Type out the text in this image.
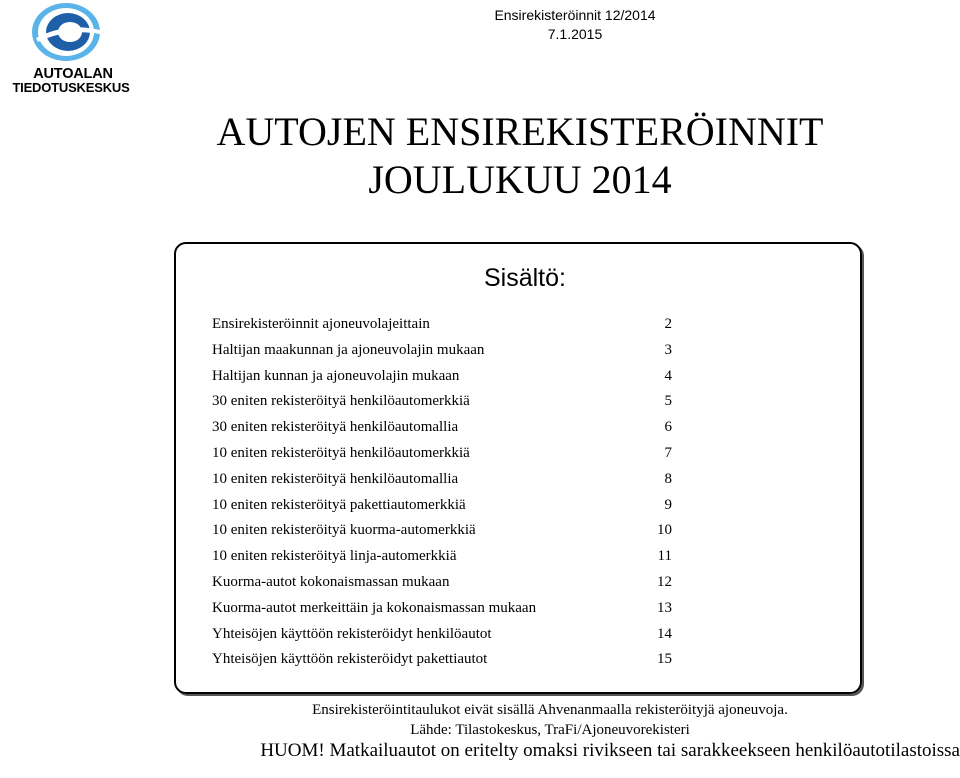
AUTOALAN
TIEDOTUSKESKUS
Ensirekisteröinnit 12/2014
7.1.2015
AUTOJEN ENSIREKISTERÖINNIT
JOULUKUU 2014
Sisältö:
Ensirekisteröinnit ajoneuvolajeittain	2
Haltijan maakunnan ja ajoneuvolajin mukaan	3
Haltijan kunnan ja ajoneuvolajin mukaan	4
30 eniten rekisteröityä henkilöautomerkkiä	5
30 eniten rekisteröityä henkilöautomallia	6
10 eniten rekisteröityä henkilöautomerkkiä	7
10 eniten rekisteröityä henkilöautomallia	8
10 eniten rekisteröityä pakettiautomerkkiä	9
10 eniten rekisteröityä kuorma-automerkkiä	10
10 eniten rekisteröityä linja-automerkkiä	11
Kuorma-autot kokonaismassan mukaan	12
Kuorma-autot merkeittäin ja kokonaismassan mukaan	13
Yhteisöjen käyttöön rekisteröidyt henkilöautot	14
Yhteisöjen käyttöön rekisteröidyt pakettiautot	15
Ensirekisteröintitaulukot eivät sisällä Ahvenanmaalla rekisteröityjä ajoneuvoja.
Lähde: Tilastokeskus, TraFi/Ajoneuvorekisteri
HUOM! Matkailuautot on eritelty omaksi rivikseen tai sarakkeekseen henkilöautotilastoissa
